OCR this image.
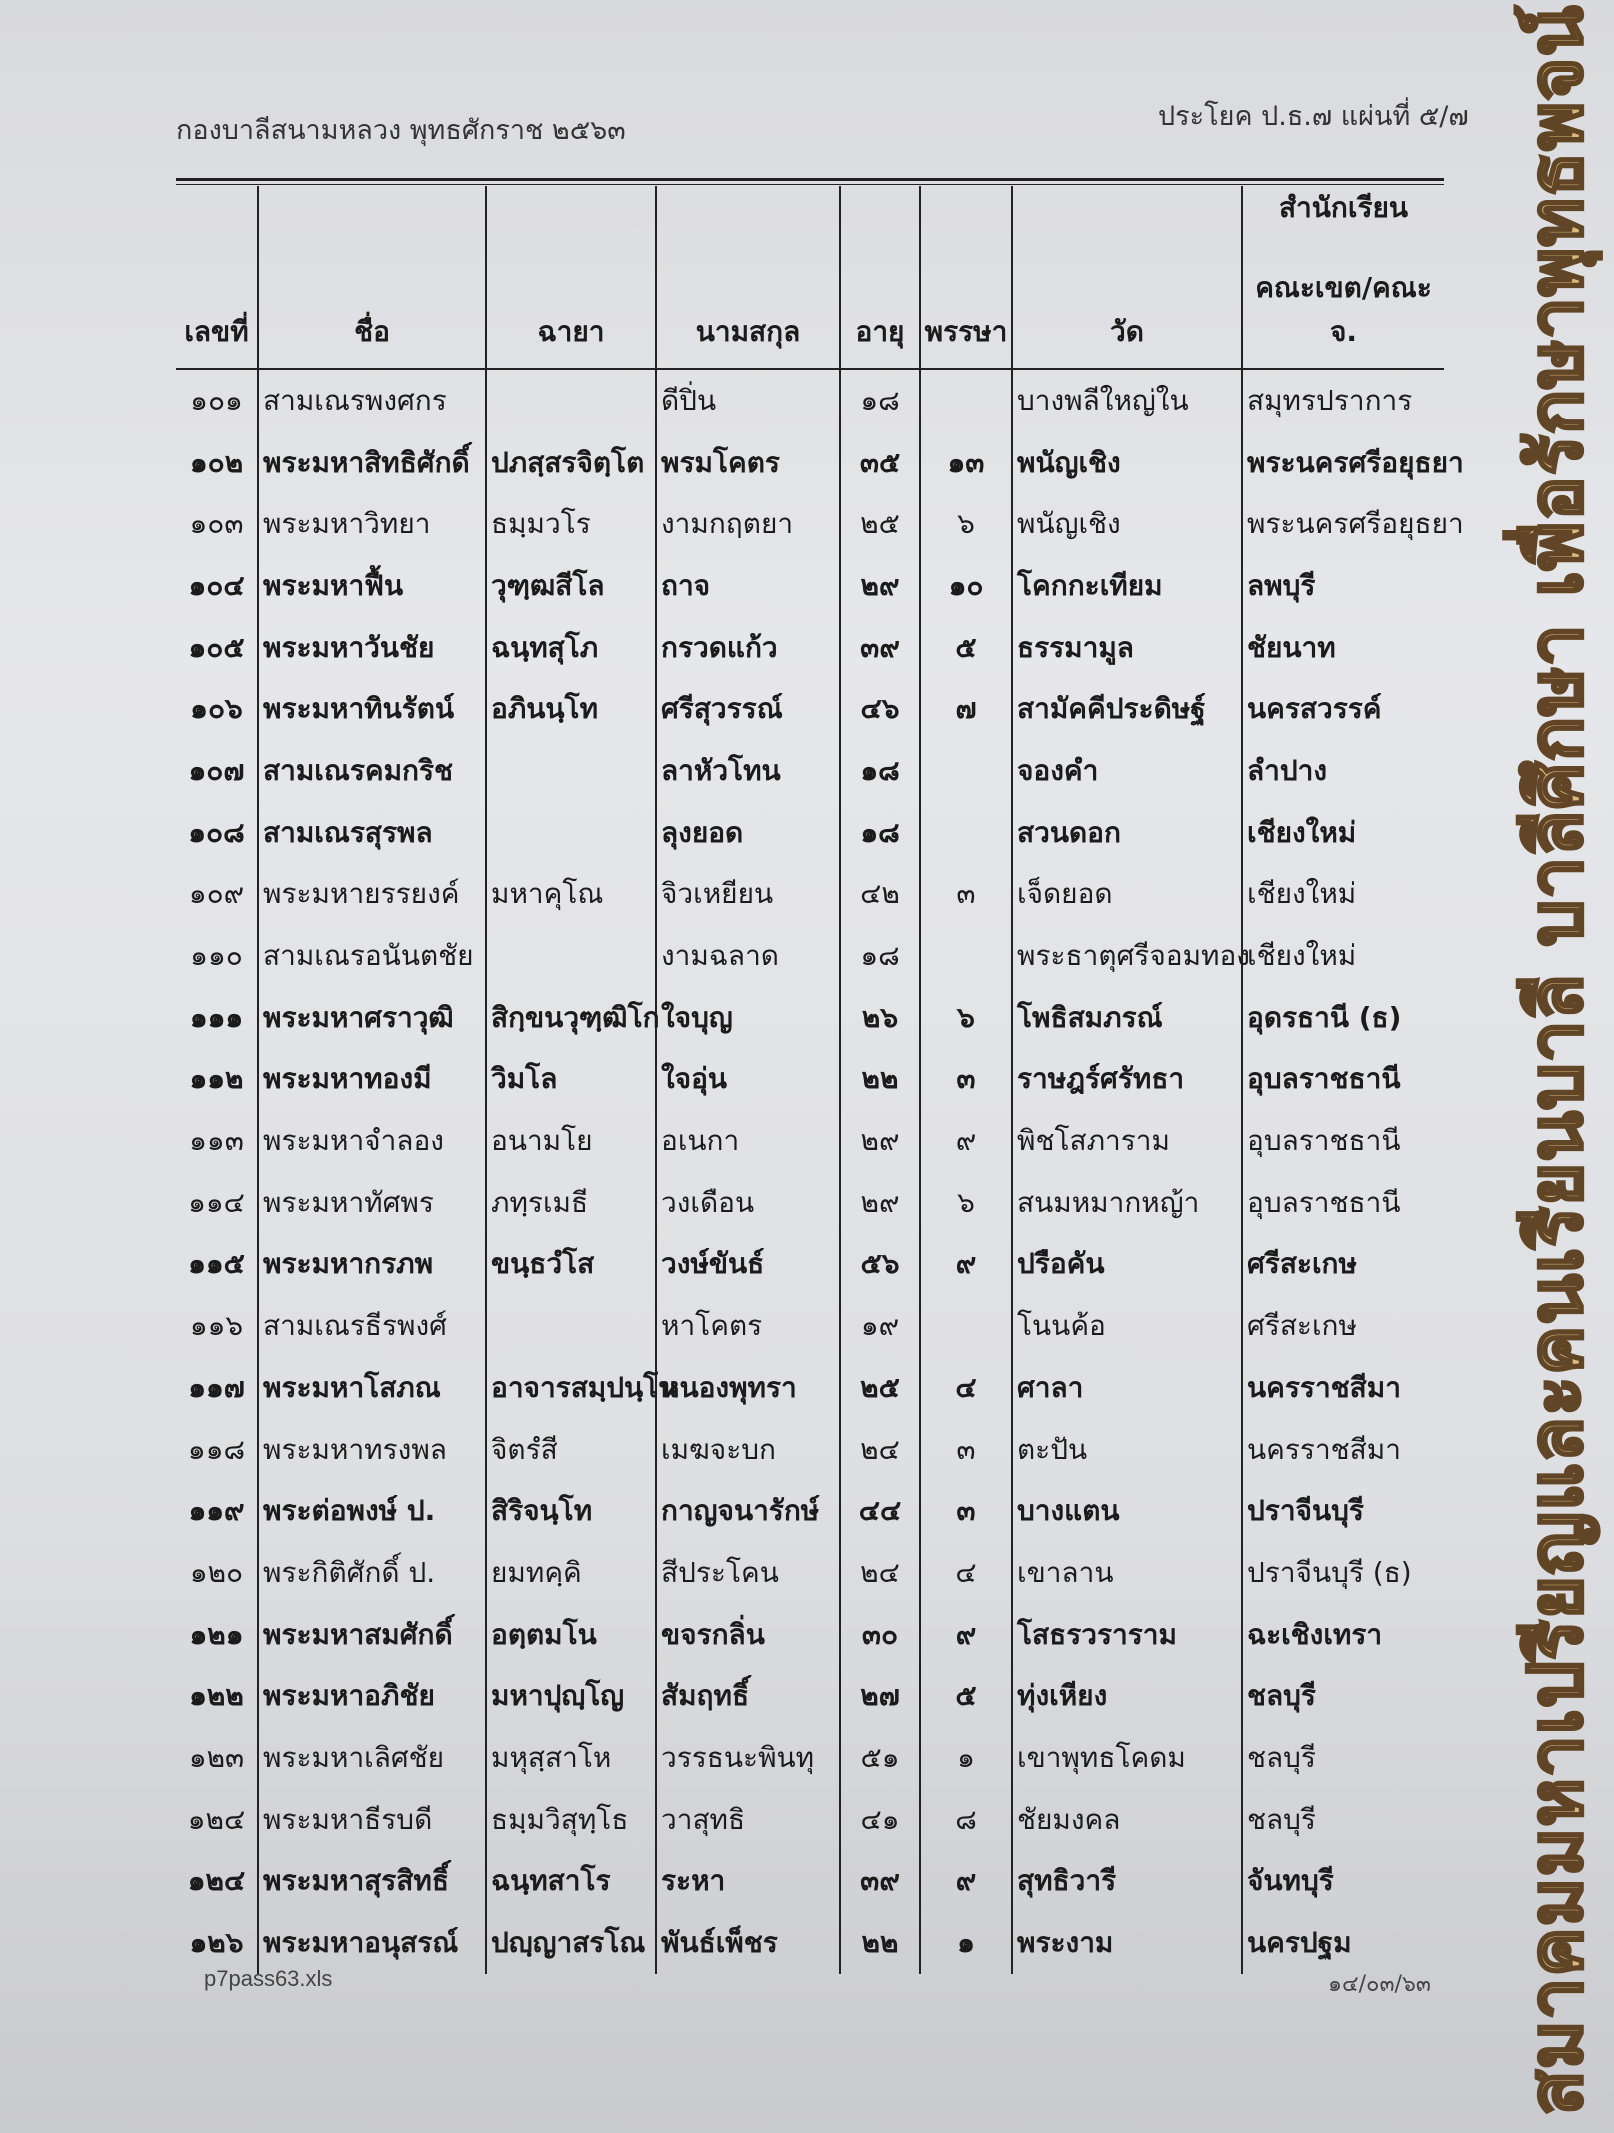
กองบาลีสนามหลวง พุทธศักราช ๒๕๖๓	ประโยค ป.ธ.๗ แผ่นที่ ๕/๗
เลขที่	ชื่อ	ฉายา	นามสกุล	อายุ	พรรษา	วัด	สำนักเรียน
คณะเขต/คณะ จ.

๑๐๑	สามเณรพงศกร		ดีปิ่น	๑๘		บางพลีใหญ่ใน	สมุทรปราการ
๑๐๒	พระมหาสิทธิศักดิ์	ปภสฺสรจิตฺโต	พรมโคตร	๓๕	๑๓	พนัญเชิง	พระนครศรีอยุธยา
๑๐๓	พระมหาวิทยา	ธมฺมวโร	งามกฤตยา	๒๕	๖	พนัญเชิง	พระนครศรีอยุธยา
๑๐๔	พระมหาฟื้น	วุฑฺฒสีโล	ถาจ	๒๙	๑๐	โคกกะเทียม	ลพบุรี
๑๐๕	พระมหาวันชัย	ฉนฺทสุโภ	กรวดแก้ว	๓๙	๕	ธรรมามูล	ชัยนาท
๑๐๖	พระมหาทินรัตน์	อภินนฺโท	ศรีสุวรรณ์	๔๖	๗	สามัคคีประดิษฐ์	นครสวรรค์
๑๐๗	สามเณรคมกริช		ลาหัวโทน	๑๘		จองคำ	ลำปาง
๑๐๘	สามเณรสุรพล		ลุงยอด	๑๘		สวนดอก	เชียงใหม่
๑๐๙	พระมหายรรยงค์	มหาคุโณ	จิวเหยียน	๔๒	๓	เจ็ดยอด	เชียงใหม่
๑๑๐	สามเณรอนันตชัย		งามฉลาด	๑๘		พระธาตุศรีจอมทอง	เชียงใหม่
๑๑๑	พระมหาศราวุฒิ	สิกฺขนวุฑฺฒิโก	ใจบุญ	๒๖	๖	โพธิสมภรณ์	อุดรธานี (ธ)
๑๑๒	พระมหาทองมี	วิมโล	ใจอุ่น	๒๒	๓	ราษฎร์ศรัทธา	อุบลราชธานี
๑๑๓	พระมหาจำลอง	อนามโย	อเนกา	๒๙	๙	พิชโสภาราม	อุบลราชธานี
๑๑๔	พระมหาทัศพร	ภทฺรเมธี	วงเดือน	๒๙	๖	สนมหมากหญ้า	อุบลราชธานี
๑๑๕	พระมหากรภพ	ขนฺธวํโส	วงษ์ขันธ์	๕๖	๙	ปรือคัน	ศรีสะเกษ
๑๑๖	สามเณรธีรพงศ์		หาโคตร	๑๙		โนนค้อ	ศรีสะเกษ
๑๑๗	พระมหาโสภณ	อาจารสมฺปนฺโน	หนองพุทรา	๒๕	๔	ศาลา	นครราชสีมา
๑๑๘	พระมหาทรงพล	จิตรํสี	เมฆจะบก	๒๔	๓	ตะปัน	นครราชสีมา
๑๑๙	พระต่อพงษ์ ป.	สิริจนฺโท	กาญจนารักษ์	๔๔	๓	บางแตน	ปราจีนบุรี
๑๒๐	พระกิติศักดิ์ ป.	ยมทคฺคิ	สีประโคน	๒๔	๔	เขาลาน	ปราจีนบุรี (ธ)
๑๒๑	พระมหาสมศักดิ์	อตฺตมโน	ขจรกลิ่น	๓๐	๙	โสธรวราราม	ฉะเชิงเทรา
๑๒๒	พระมหาอภิชัย	มหาปุญฺโญ	สัมฤทธิ์	๒๗	๕	ทุ่งเหียง	ชลบุรี
๑๒๓	พระมหาเลิศชัย	มหุสฺสาโห	วรรธนะพินทุ	๕๑	๑	เขาพุทธโคดม	ชลบุรี
๑๒๔	พระมหาธีรบดี	ธมฺมวิสุทฺโธ	วาสุทธิ	๔๑	๘	ชัยมงคล	ชลบุรี
๑๒๔	พระมหาสุรสิทธิ์	ฉนฺทสาโร	ระหา	๓๙	๙	สุทธิวารี	จันทบุรี
๑๒๖	พระมหาอนุสรณ์	ปญฺญาสรโณ	พันธ์เพ็ชร	๒๒	๑	พระงาม	นครปฐม
p7pass63.xls	๑๔/๐๓/๖๓ สมาคมมหาเปรียญและคนเรียนบาลี บาลีศึกษา เพื่อรักษาพุทธพจน์
